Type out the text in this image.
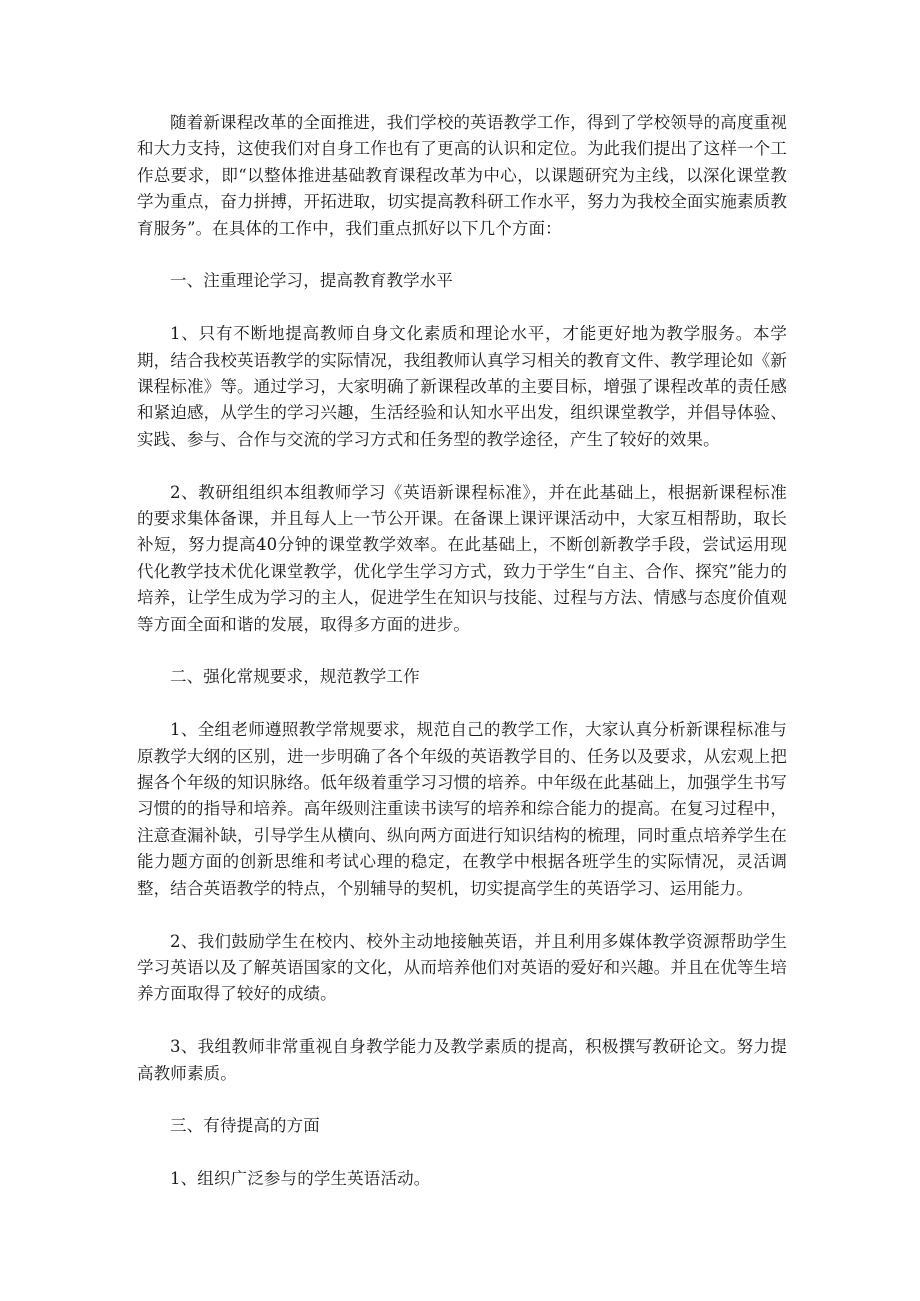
随着新课程改革的全面推进，我们学校的英语教学工作，得到了学校领导的高度重视和大力支持，这使我们对自身工作也有了更高的认识和定位。为此我们提出了这样一个工作总要求，即“以整体推进基础教育课程改革为中心，以课题研究为主线，以深化课堂教学为重点，奋力拼搏，开拓进取，切实提高教科研工作水平，努力为我校全面实施素质教育服务”。在具体的工作中，我们重点抓好以下几个方面：

一、注重理论学习，提高教育教学水平

1、只有不断地提高教师自身文化素质和理论水平，才能更好地为教学服务。本学期，结合我校英语教学的实际情况，我组教师认真学习相关的教育文件、教学理论如《新课程标准》等。通过学习，大家明确了新课程改革的主要目标，增强了课程改革的责任感和紧迫感，从学生的学习兴趣，生活经验和认知水平出发，组织课堂教学，并倡导体验、实践、参与、合作与交流的学习方式和任务型的教学途径，产生了较好的效果。

2、教研组组织本组教师学习《英语新课程标准》，并在此基础上，根据新课程标准的要求集体备课，并且每人上一节公开课。在备课上课评课活动中，大家互相帮助，取长补短，努力提高40分钟的课堂教学效率。在此基础上，不断创新教学手段，尝试运用现代化教学技术优化课堂教学，优化学生学习方式，致力于学生“自主、合作、探究”能力的培养，让学生成为学习的主人，促进学生在知识与技能、过程与方法、情感与态度价值观等方面全面和谐的发展，取得多方面的进步。

二、强化常规要求，规范教学工作

1、全组老师遵照教学常规要求，规范自己的教学工作，大家认真分析新课程标准与原教学大纲的区别，进一步明确了各个年级的英语教学目的、任务以及要求，从宏观上把握各个年级的知识脉络。低年级着重学习习惯的培养。中年级在此基础上，加强学生书写习惯的的指导和培养。高年级则注重读书读写的培养和综合能力的提高。在复习过程中，注意查漏补缺，引导学生从横向、纵向两方面进行知识结构的梳理，同时重点培养学生在能力题方面的创新思维和考试心理的稳定，在教学中根据各班学生的实际情况，灵活调整，结合英语教学的特点，个别辅导的契机，切实提高学生的英语学习、运用能力。

2、我们鼓励学生在校内、校外主动地接触英语，并且利用多媒体教学资源帮助学生学习英语以及了解英语国家的文化，从而培养他们对英语的爱好和兴趣。并且在优等生培养方面取得了较好的成绩。

3、我组教师非常重视自身教学能力及教学素质的提高，积极撰写教研论文。努力提高教师素质。

三、有待提高的方面

1、组织广泛参与的学生英语活动。
